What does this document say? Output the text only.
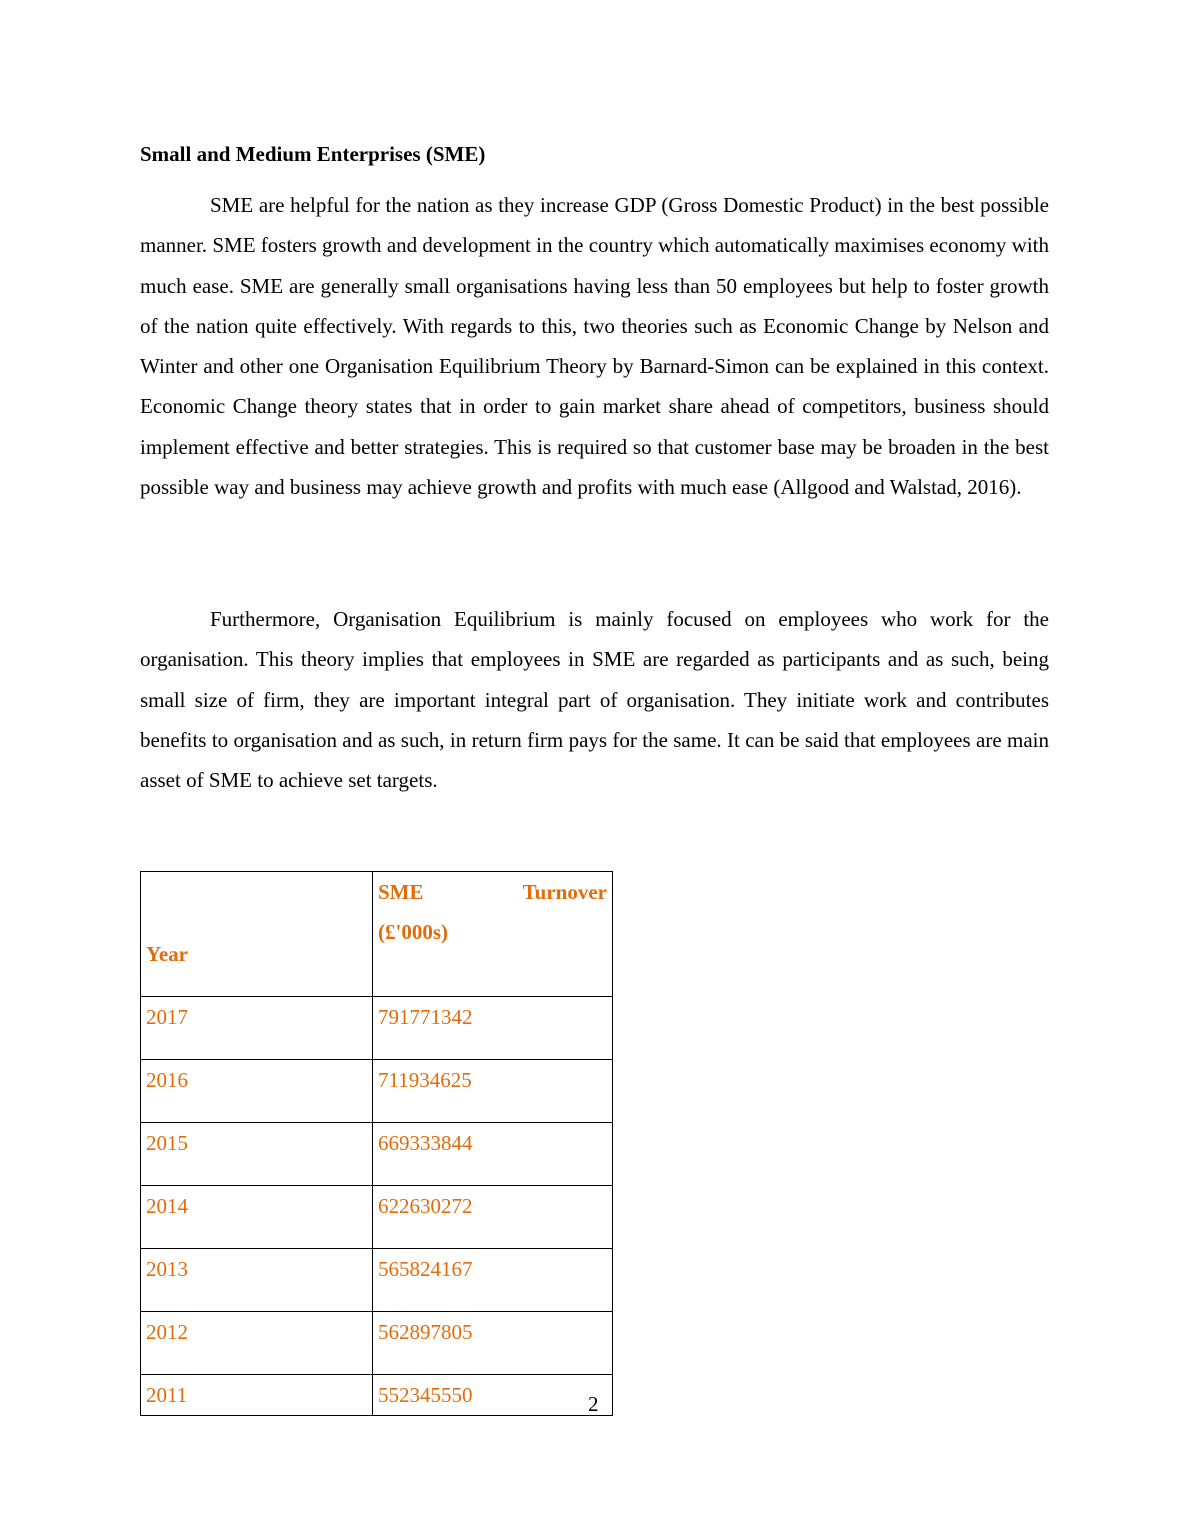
Small and Medium Enterprises (SME)

SME are helpful for the nation as they increase GDP (Gross Domestic Product) in the best possible manner. SME fosters growth and development in the country which automatically maximises economy with much ease. SME are generally small organisations having less than 50 employees but help to foster growth of the nation quite effectively. With regards to this, two theories such as Economic Change by Nelson and Winter and other one Organisation Equilibrium Theory by Barnard-Simon can be explained in this context. Economic Change theory states that in order to gain market share ahead of competitors, business should implement effective and better strategies. This is required so that customer base may be broaden in the best possible way and business may achieve growth and profits with much ease (Allgood and Walstad, 2016).

Furthermore, Organisation Equilibrium is mainly focused on employees who work for the organisation. This theory implies that employees in SME are regarded as participants and as such, being small size of firm, they are important integral part of organisation. They initiate work and contributes benefits to organisation and as such, in return firm pays for the same. It can be said that employees are main asset of SME to achieve set targets.

Year	SME Turnover
(£'000s)

2017	791771342
2016	711934625
2015	669333844
2014	622630272
2013	565824167
2012	562897805
2011	552345550	2
